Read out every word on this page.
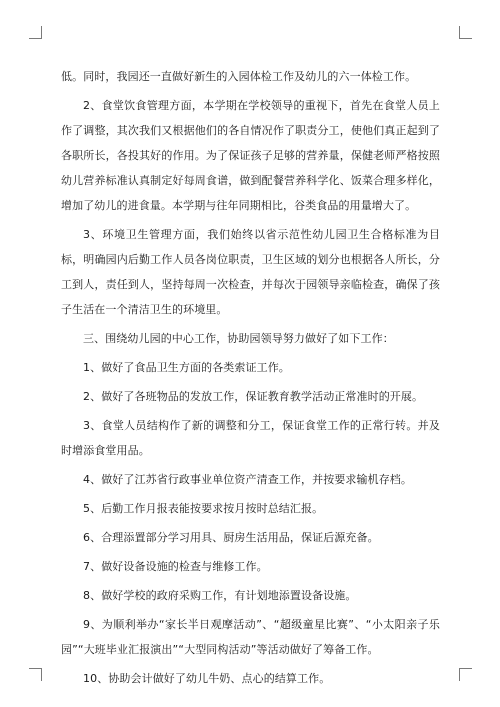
低。同时，我园还一直做好新生的入园体检工作及幼儿的六一体检工作。

2、食堂饮食管理方面，本学期在学校领导的重视下，首先在食堂人员上作了调整，其次我们又根据他们的各自情况作了职责分工，使他们真正起到了各职所长，各投其好的作用。为了保证孩子足够的营养量，保健老师严格按照幼儿营养标准认真制定好每周食谱，做到配餐营养科学化、饭菜合理多样化，增加了幼儿的进食量。本学期与往年同期相比，谷类食品的用量增大了。

3、环境卫生管理方面，我们始终以省示范性幼儿园卫生合格标准为目标，明确园内后勤工作人员各岗位职责，卫生区域的划分也根据各人所长，分工到人，责任到人，坚持每周一次检查，并每次于园领导亲临检查，确保了孩子生活在一个清洁卫生的环境里。

三、围绕幼儿园的中心工作，协助园领导努力做好了如下工作：

1、做好了食品卫生方面的各类索证工作。

2、做好了各班物品的发放工作，保证教育教学活动正常准时的开展。

3、食堂人员结构作了新的调整和分工，保证食堂工作的正常行转。并及时增添食堂用品。

4、做好了江苏省行政事业单位资产清查工作，并按要求输机存档。

5、后勤工作月报表能按要求按月按时总结汇报。

6、合理添置部分学习用具、厨房生活用品，保证后源充备。

7、做好设备设施的检查与维修工作。

8、做好学校的政府采购工作，有计划地添置设备设施。

9、为顺利举办“家长半日观摩活动”、“超级童星比赛”、“小太阳亲子乐园”“大班毕业汇报演出”“大型同构活动”等活动做好了筹备工作。

10、协助会计做好了幼儿牛奶、点心的结算工作。
